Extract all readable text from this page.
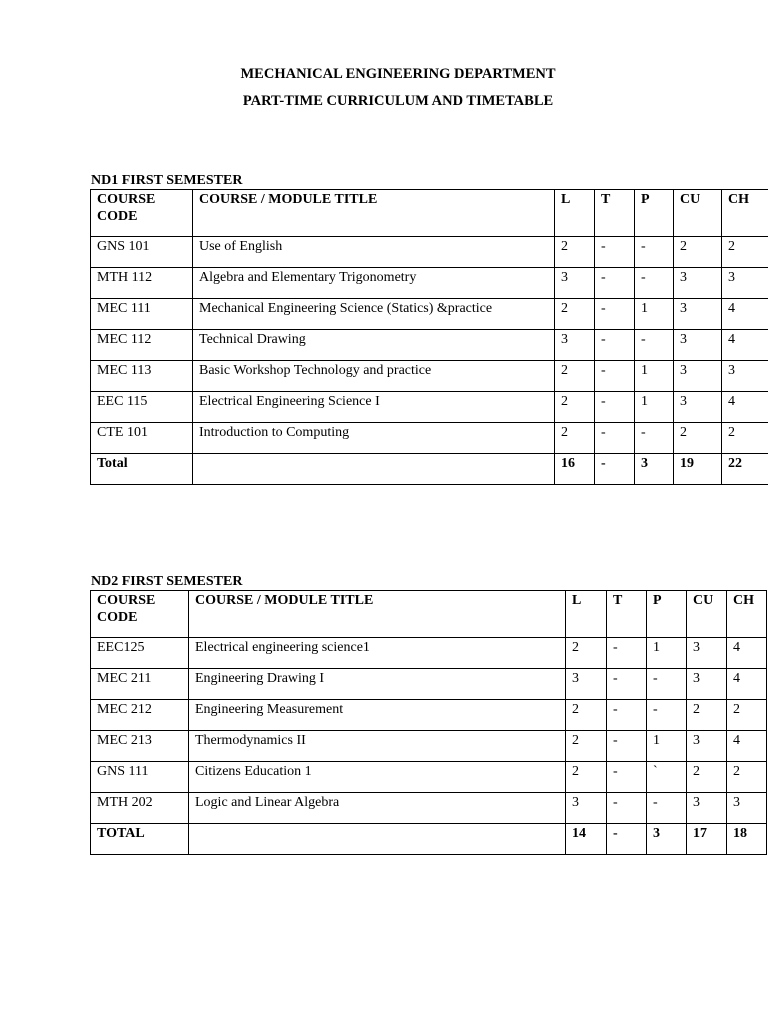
MECHANICAL ENGINEERING DEPARTMENT

PART-TIME CURRICULUM AND TIMETABLE

ND1 FIRST SEMESTER

COURSE CODE	COURSE / MODULE TITLE	L	T	P	CU	CH
GNS 101	Use of English	2	-	-	2	2
MTH 112	Algebra and Elementary Trigonometry	3	-	-	3	3
MEC 111	Mechanical Engineering Science (Statics) &practice	2	-	1	3	4
MEC 112	Technical Drawing	3	-	-	3	4
MEC 113	Basic Workshop Technology and practice	2	-	1	3	3
EEC 115	Electrical Engineering Science I	2	-	1	3	4
CTE 101	Introduction to Computing	2	-	-	2	2
Total		16	-	3	19	22

ND2 FIRST SEMESTER

COURSE CODE	COURSE / MODULE TITLE	L	T	P	CU	CH
EEC125	Electrical engineering science1	2	-	1	3	4
MEC 211	Engineering Drawing I	3	-	-	3	4
MEC 212	Engineering Measurement	2	-	-	2	2
MEC 213	Thermodynamics II	2	-	1	3	4
GNS 111	Citizens Education 1	2	-	`	2	2
MTH 202	Logic and Linear Algebra	3	-	-	3	3
TOTAL		14	-	3	17	18
